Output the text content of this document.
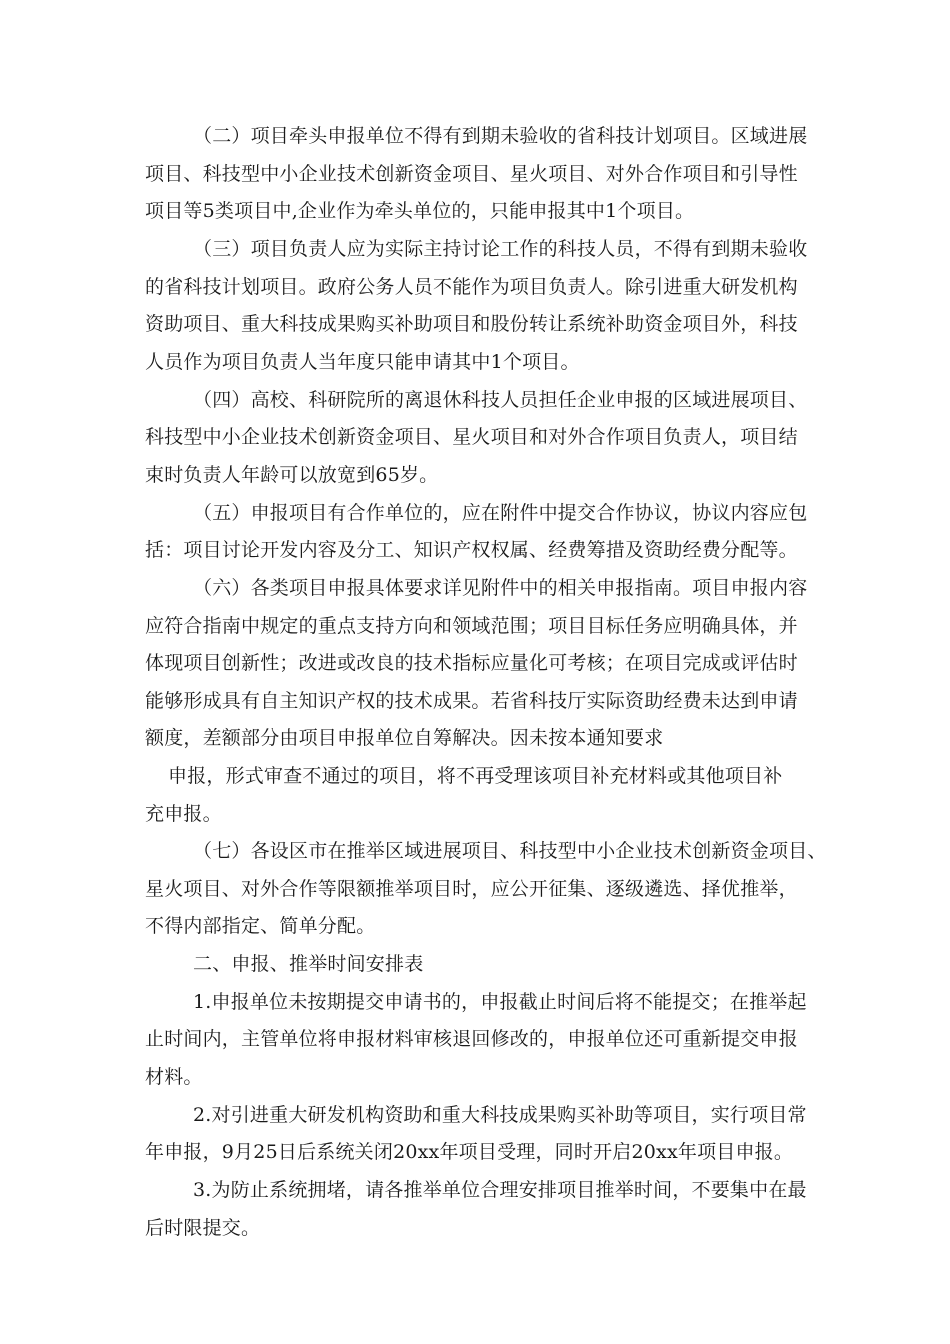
（二）项目牵头申报单位不得有到期未验收的省科技计划项目。区域进展
项目、科技型中小企业技术创新资金项目、星火项目、对外合作项目和引导性
项目等5类项目中,企业作为牵头单位的，只能申报其中1个项目。
（三）项目负责人应为实际主持讨论工作的科技人员，不得有到期未验收
的省科技计划项目。政府公务人员不能作为项目负责人。除引进重大研发机构
资助项目、重大科技成果购买补助项目和股份转让系统补助资金项目外，科技
人员作为项目负责人当年度只能申请其中1个项目。
（四）高校、科研院所的离退休科技人员担任企业申报的区域进展项目、
科技型中小企业技术创新资金项目、星火项目和对外合作项目负责人，项目结
束时负责人年龄可以放宽到65岁。
（五）申报项目有合作单位的，应在附件中提交合作协议，协议内容应包
括：项目讨论开发内容及分工、知识产权权属、经费筹措及资助经费分配等。
（六）各类项目申报具体要求详见附件中的相关申报指南。项目申报内容
应符合指南中规定的重点支持方向和领域范围；项目目标任务应明确具体，并
体现项目创新性；改进或改良的技术指标应量化可考核；在项目完成或评估时
能够形成具有自主知识产权的技术成果。若省科技厅实际资助经费未达到申请
额度，差额部分由项目申报单位自筹解决。因未按本通知要求
申报，形式审查不通过的项目，将不再受理该项目补充材料或其他项目补
充申报。
（七）各设区市在推举区域进展项目、科技型中小企业技术创新资金项目、
星火项目、对外合作等限额推举项目时，应公开征集、逐级遴选、择优推举，
不得内部指定、简单分配。
二、申报、推举时间安排表
1.申报单位未按期提交申请书的，申报截止时间后将不能提交；在推举起
止时间内，主管单位将申报材料审核退回修改的，申报单位还可重新提交申报
材料。
2.对引进重大研发机构资助和重大科技成果购买补助等项目，实行项目常
年申报，9月25日后系统关闭20xx年项目受理，同时开启20xx年项目申报。
3.为防止系统拥堵，请各推举单位合理安排项目推举时间，不要集中在最
后时限提交。
